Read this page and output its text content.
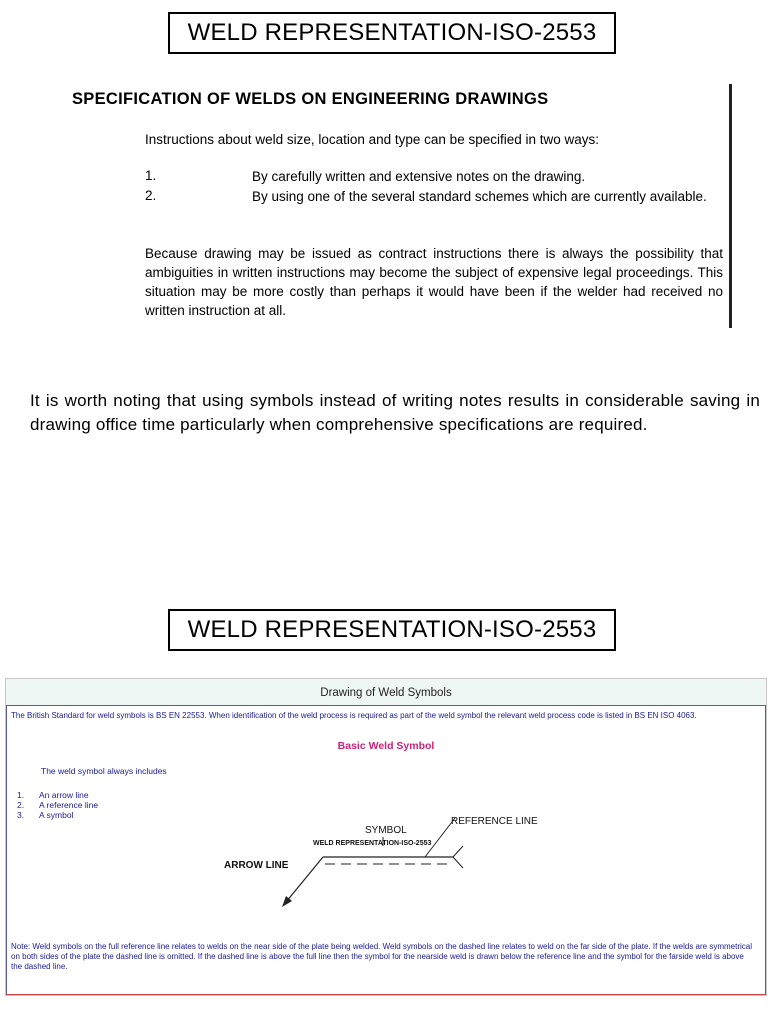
WELD REPRESENTATION-ISO-2553
SPECIFICATION OF WELDS ON ENGINEERING DRAWINGS

Instructions about weld size, location and type can be specified in two ways:

1.	By carefully written and extensive notes on the drawing.
2.	By using one of the several standard schemes which are currently available.

Because drawing may be issued as contract instructions there is always the possibility that ambiguities in written instructions may become the subject of expensive legal proceedings. This situation may be more costly than perhaps it would have been if the welder had received no written instruction at all.

It is worth noting that using symbols instead of writing notes results in considerable saving in drawing office time particularly when comprehensive specifications are required.

WELD REPRESENTATION-ISO-2553
Drawing of Weld Symbols
The British Standard for weld symbols is BS EN 22553. When identification of the weld process is required as part of the weld symbol the relevant weld process code is listed in BS EN ISO 4063.
Basic Weld Symbol
The weld symbol always includes
1. An arrow line
2. A reference line
3. A symbol
SYMBOL
REFERENCE LINE
ARROW LINE
WELD REPRESENTATION-ISO-2553
Note: Weld symbols on the full reference line relates to welds on the near side of the plate being welded. Weld symbols on the dashed line relates to weld on the far side of the plate. If the welds are symmetrical on both sides of the plate the dashed line is omitted. If the dashed line is above the full line then the symbol for the nearside weld is drawn below the reference line and the symbol for the farside weld is above the dashed line.
